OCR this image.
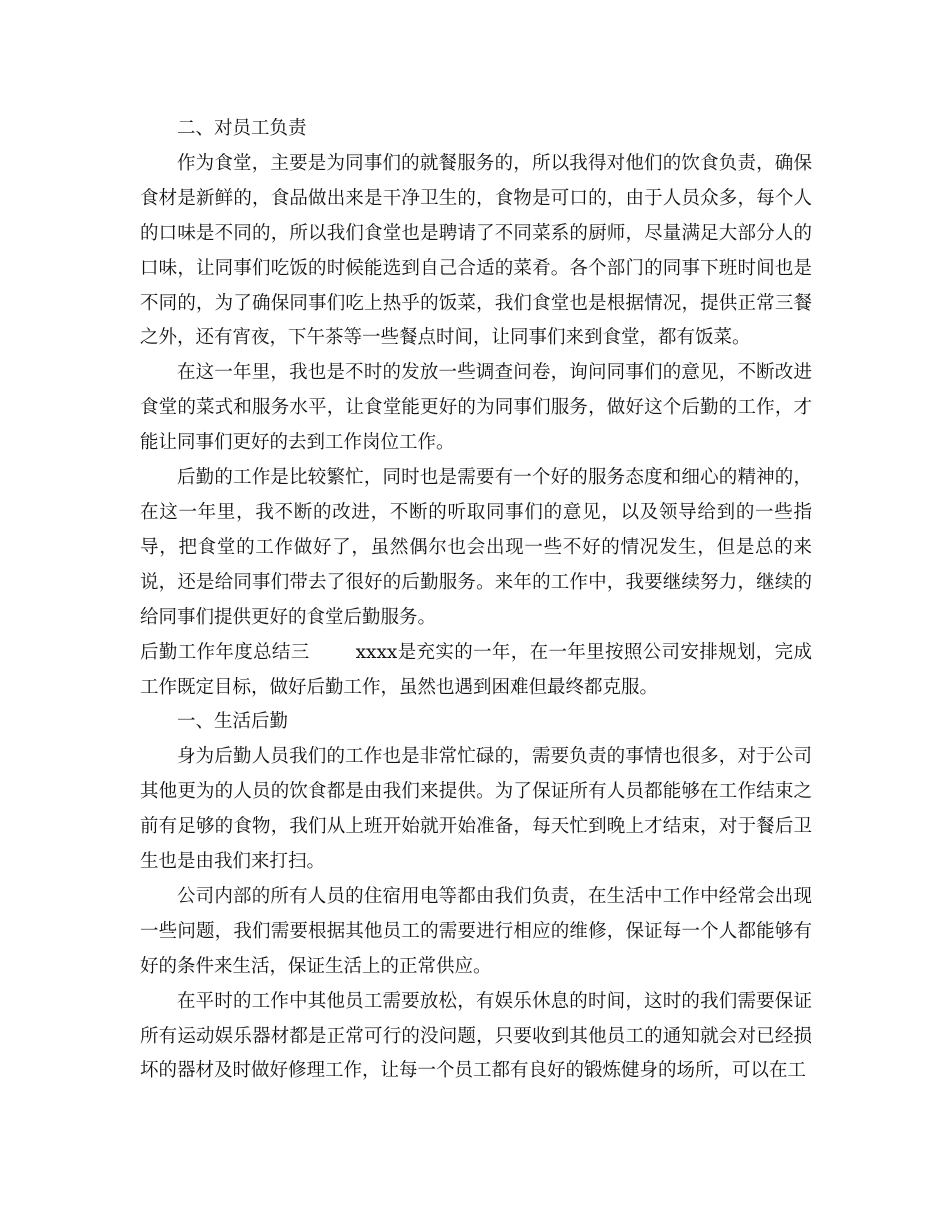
二、对员工负责

作为食堂，主要是为同事们的就餐服务的，所以我得对他们的饮食负责，确保食材是新鲜的，食品做出来是干净卫生的，食物是可口的，由于人员众多，每个人的口味是不同的，所以我们食堂也是聘请了不同菜系的厨师，尽量满足大部分人的口味，让同事们吃饭的时候能选到自己合适的菜肴。各个部门的同事下班时间也是不同的，为了确保同事们吃上热乎的饭菜，我们食堂也是根据情况，提供正常三餐之外，还有宵夜，下午茶等一些餐点时间，让同事们来到食堂，都有饭菜。

在这一年里，我也是不时的发放一些调查问卷，询问同事们的意见，不断改进食堂的菜式和服务水平，让食堂能更好的为同事们服务，做好这个后勤的工作，才能让同事们更好的去到工作岗位工作。

后勤的工作是比较繁忙，同时也是需要有一个好的服务态度和细心的精神的，在这一年里，我不断的改进，不断的听取同事们的意见，以及领导给到的一些指导，把食堂的工作做好了，虽然偶尔也会出现一些不好的情况发生，但是总的来说，还是给同事们带去了很好的后勤服务。来年的工作中，我要继续努力，继续的给同事们提供更好的食堂后勤服务。

后勤工作年度总结三 xxxx是充实的一年，在一年里按照公司安排规划，完成工作既定目标，做好后勤工作，虽然也遇到困难但最终都克服。

一、生活后勤

身为后勤人员我们的工作也是非常忙碌的，需要负责的事情也很多，对于公司其他更为的人员的饮食都是由我们来提供。为了保证所有人员都能够在工作结束之前有足够的食物，我们从上班开始就开始准备，每天忙到晚上才结束，对于餐后卫生也是由我们来打扫。

公司内部的所有人员的住宿用电等都由我们负责，在生活中工作中经常会出现一些问题，我们需要根据其他员工的需要进行相应的维修，保证每一个人都能够有好的条件来生活，保证生活上的正常供应。

在平时的工作中其他员工需要放松，有娱乐休息的时间，这时的我们需要保证所有运动娱乐器材都是正常可行的没问题，只要收到其他员工的通知就会对已经损坏的器材及时做好修理工作，让每一个员工都有良好的锻炼健身的场所，可以在工
